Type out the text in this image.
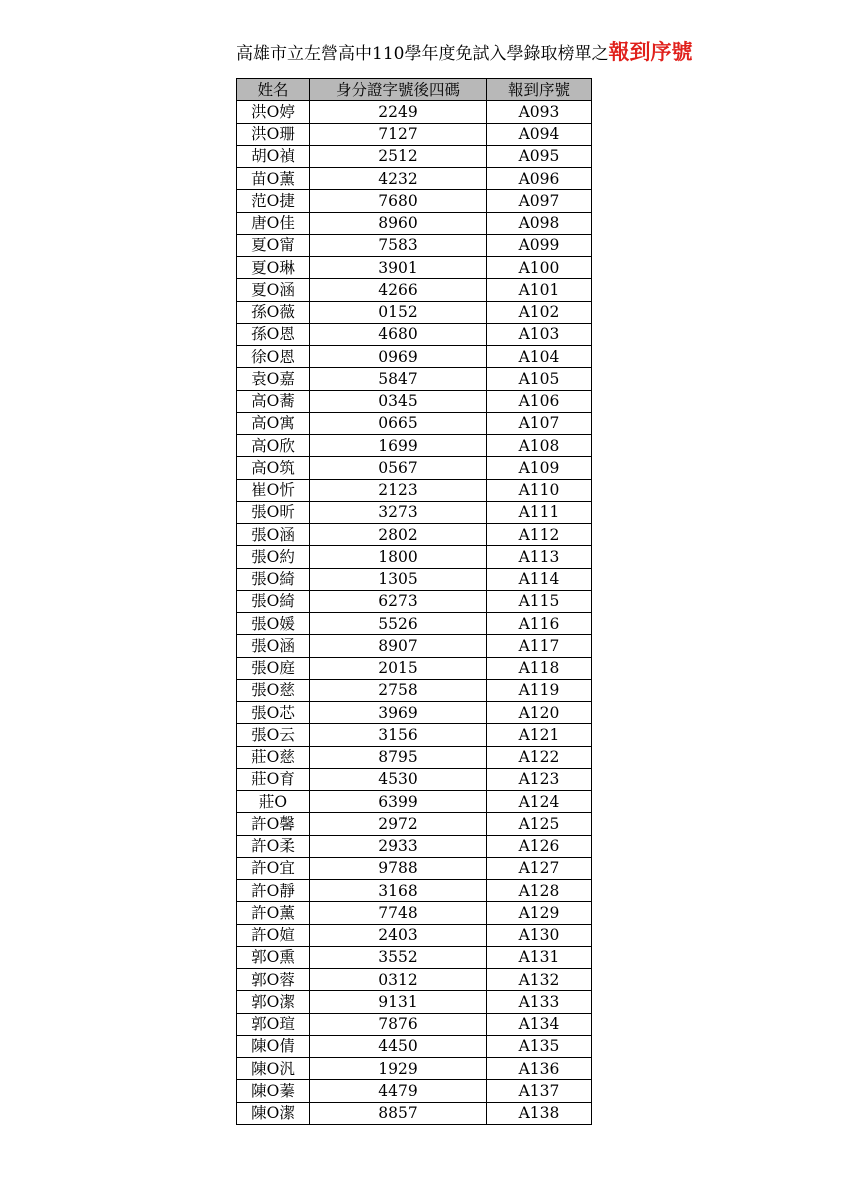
高雄市立左營高中110學年度免試入學錄取榜單之報到序號
姓名	身分證字號後四碼	報到序號
洪O婷	2249	A093
洪O珊	7127	A094
胡O禎	2512	A095
苗O薰	4232	A096
范O捷	7680	A097
唐O佳	8960	A098
夏O甯	7583	A099
夏O琳	3901	A100
夏O涵	4266	A101
孫O薇	0152	A102
孫O恩	4680	A103
徐O恩	0969	A104
袁O嘉	5847	A105
高O蕎	0345	A106
高O寓	0665	A107
高O欣	1699	A108
高O筑	0567	A109
崔O忻	2123	A110
張O昕	3273	A111
張O涵	2802	A112
張O約	1800	A113
張O綺	1305	A114
張O綺	6273	A115
張O媛	5526	A116
張O涵	8907	A117
張O庭	2015	A118
張O慈	2758	A119
張O芯	3969	A120
張O云	3156	A121
莊O慈	8795	A122
莊O育	4530	A123
莊O	6399	A124
許O馨	2972	A125
許O柔	2933	A126
許O宜	9788	A127
許O靜	3168	A128
許O薰	7748	A129
許O媗	2403	A130
郭O熏	3552	A131
郭O蓉	0312	A132
郭O潔	9131	A133
郭O瑄	7876	A134
陳O倩	4450	A135
陳O汎	1929	A136
陳O蓁	4479	A137
陳O潔	8857	A138
